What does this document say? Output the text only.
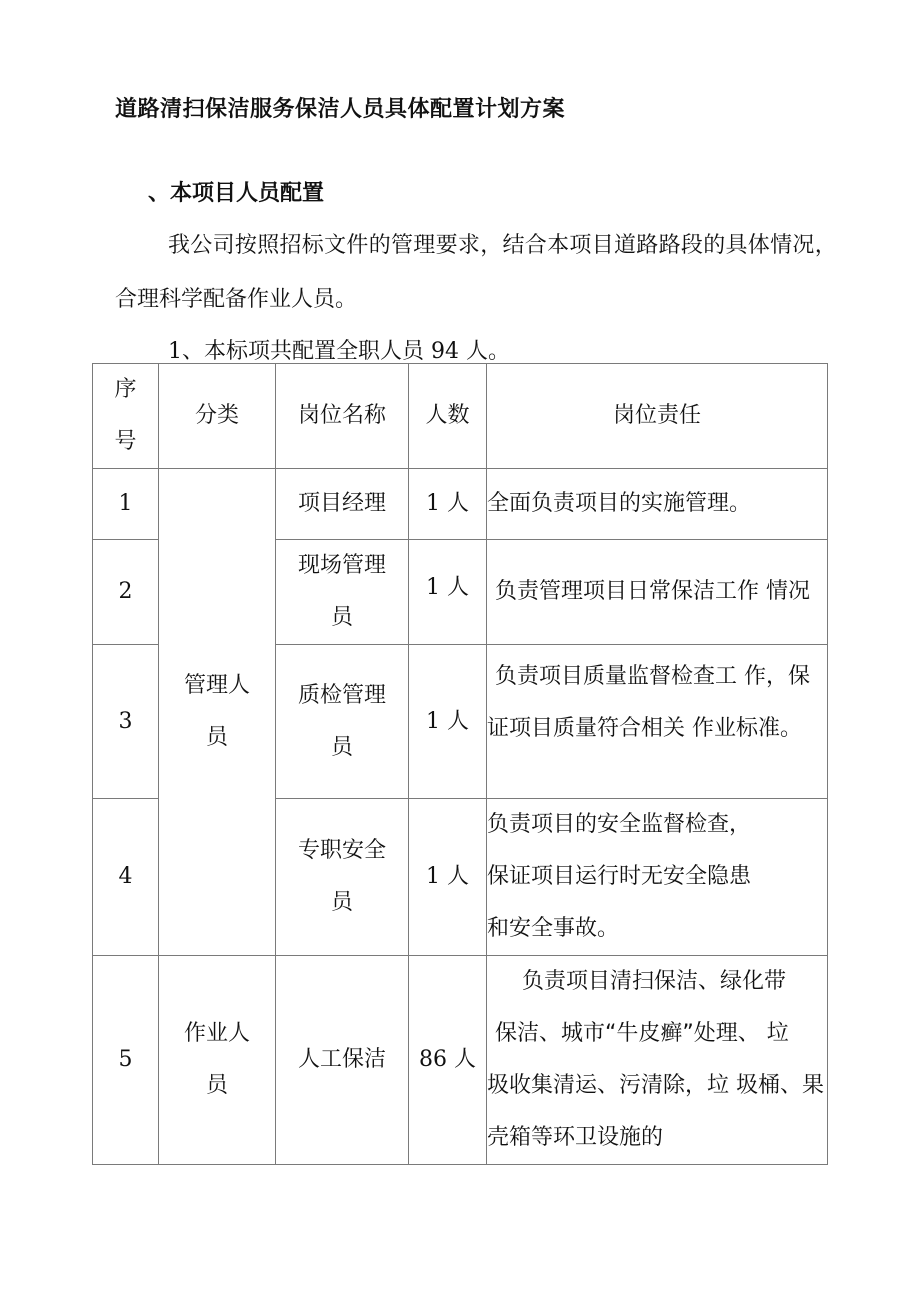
道路清扫保洁服务保洁人员具体配置计划方案
、本项目人员配置
我公司按照招标文件的管理要求，结合本项目道路路段的具体情况，
合理科学配备作业人员。
1、本标项共配置全职人员 94 人。
序
号	分类	岗位名称	人数	岗位责任
1	管理人
员	项目经理	1 人	全面负责项目的实施管理。

2		现场管理
员	1 人	负责管理项目日常保洁工作 情况

3		质检管理
员	1 人	负责项目质量监督检查工 作，保
证项目质量符合相关 作业标准。

4		专职安全
员	1 人	负责项目的安全监督检查，
保证项目运行时无安全隐患
和安全事故。

5	作业人
员	人工保洁	86 人	负责项目清扫保洁、绿化带
保洁、城市“牛皮癣”处理、 垃
圾收集清运、污清除，垃 圾桶、果
壳箱等环卫设施的
